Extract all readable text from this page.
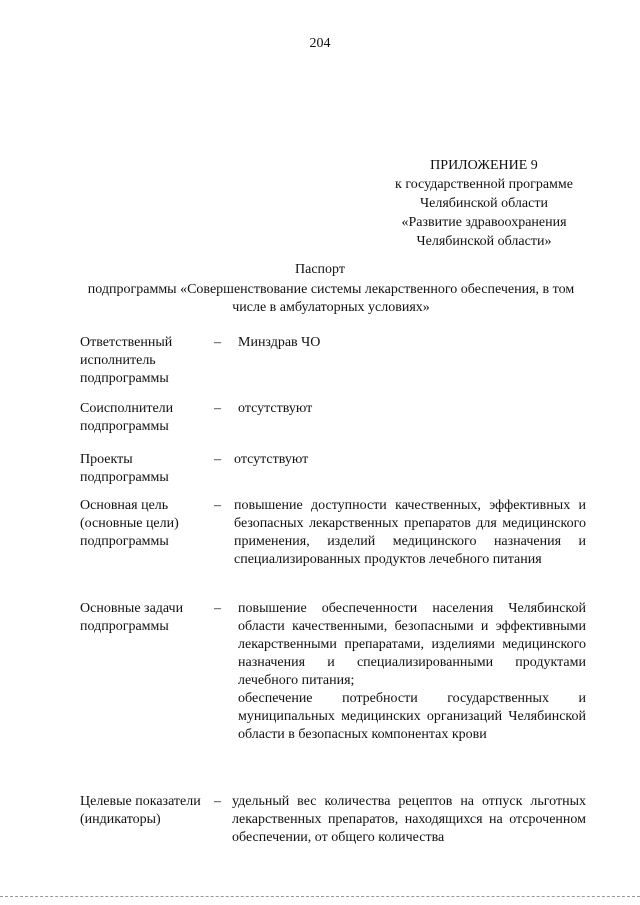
204
ПРИЛОЖЕНИЕ 9
к государственной программе
Челябинской области
«Развитие здравоохранения
Челябинской области»
Паспорт
подпрограммы «Совершенствование системы лекарственного обеспечения, в том числе в амбулаторных условиях»
Ответственный исполнитель подпрограммы
– Минздрав ЧО
Соисполнители подпрограммы
– отсутствуют
Проекты подпрограммы
– отсутствуют
Основная цель (основные цели) подпрограммы
– повышение доступности качественных, эффективных и безопасных лекарственных препаратов для медицинского применения, изделий медицинского назначения и специализированных продуктов лечебного питания
Основные задачи подпрограммы
– повышение обеспеченности населения Челябинской области качественными, безопасными и эффективными лекарственными препаратами, изделиями медицинского назначения и специализированными продуктами лечебного питания;
обеспечение потребности государственных и муниципальных медицинских организаций Челябинской области в безопасных компонентах крови
Целевые показатели (индикаторы)
– удельный вес количества рецептов на отпуск льготных лекарственных препаратов, находящихся на отсроченном обеспечении, от общего количества
